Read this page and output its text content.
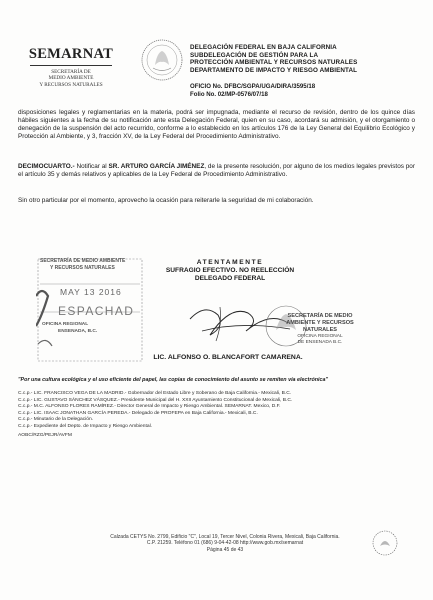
SEMARNAT
SECRETARÍA DE
MEDIO AMBIENTE
Y RECURSOS NATURALES
DELEGACIÓN FEDERAL EN BAJA CALIFORNIA
SUBDELEGACIÓN DE GESTIÓN PARA LA
PROTECCIÓN AMBIENTAL Y RECURSOS NATURALES
DEPARTAMENTO DE IMPACTO Y RIESGO AMBIENTAL
OFICIO No. DFBC/SGPA/UGA/DIRA/3595/18
Folio No. 02/MP-0576/07/18

disposiciones legales y reglamentarias en la materia, podrá ser impugnada, mediante el recurso de revisión, dentro de los quince días hábiles siguientes a la fecha de su notificación ante esta Delegación Federal, quien en su caso, acordará su admisión, y el otorgamiento o denegación de la suspensión del acto recurrido, conforme a lo establecido en los artículos 176 de la Ley General del Equilibrio Ecológico y Protección al Ambiente, y 3, fracción XV, de la Ley Federal del Procedimiento Administrativo.

DECIMOCUARTO.- Notificar al SR. ARTURO GARCÍA JIMÉNEZ, de la presente resolución, por alguno de los medios legales previstos por el artículo 35 y demás relativos y aplicables de la Ley Federal de Procedimiento Administrativo.

Sin otro particular por el momento, aprovecho la ocasión para reiterarle la seguridad de mi colaboración.

SECRETARÍA DE MEDIO AMBIENTE
Y RECURSOS NATURALES
MAY 13 2016
ESPACHAD
OFICINA REGIONAL
ENSENADA, B.C.
ATENTAMENTE
SUFRAGIO EFECTIVO. NO REELECCIÓN
DELEGADO FEDERAL
SECRETARÍA DE MEDIO
AMBIENTE Y RECURSOS
NATURALES
OFICINA REGIONAL
DE ENSENADA B.C.
LIC. ALFONSO O. BLANCAFORT CAMARENA.
"Por una cultura ecológica y el uso eficiente del papel, las copias de conocimiento del asunto se remiten vía electrónica"
C.c.p.- LIC. FRANCISCO VEGA DE LA MADRID.- Gobernador del Estado Libre y Soberano de Baja California.- Mexicali, B.C.
C.c.p.- LIC. GUSTAVO SÁNCHEZ VÁSQUEZ.- Presidente Municipal del H. XXII Ayuntamiento Constitucional de Mexicali, B.C.
C.c.p.- M.C. ALFONSO FLORES RAMÍREZ.- Director General de Impacto y Riesgo Ambiental. SEMARNAT. Mexico, D.F.
C.c.p.- LIC. ISAAC JONATHAN GARCÍA PEREDA.- Delegado de PROFEPA en Baja California.- Mexicali, B.C.
C.c.p.- Minutario de la Delegación.
C.c.p.- Expediente del Depto. de Impacto y Riesgo Ambiental.
AOBC/RZG/PEJR/AVFM
Calzada CETYS No. 2799, Edificio "C", Local 19, Tercer Nivel, Colonia Rivera, Mexicali, Baja California.
C.P. 21259. Teléfono 01 (686) 9-04-42-08 http://www.gob.mx/semarnat
Página 45 de 43
